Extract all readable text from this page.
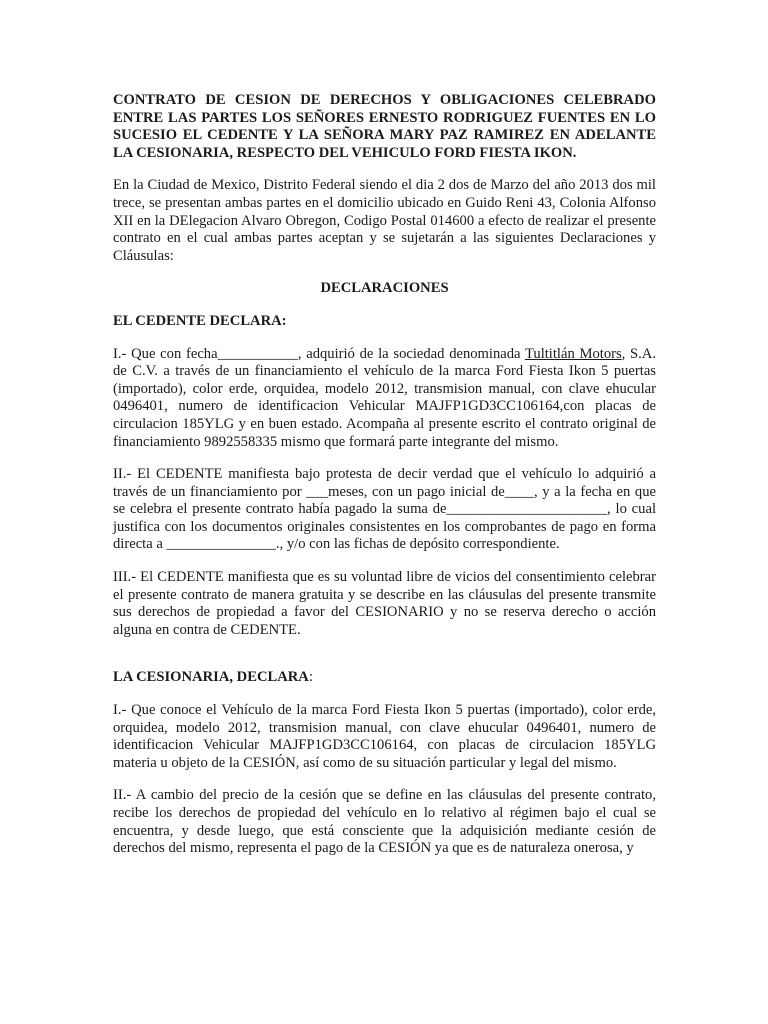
CONTRATO DE CESION DE DERECHOS Y OBLIGACIONES CELEBRADO ENTRE LAS PARTES LOS SEÑORES ERNESTO RODRIGUEZ FUENTES EN LO SUCESIO EL CEDENTE Y LA SEÑORA MARY PAZ RAMIREZ EN ADELANTE LA CESIONARIA, RESPECTO DEL VEHICULO FORD FIESTA IKON.

En la Ciudad de Mexico, Distrito Federal siendo el dia 2 dos de Marzo del año 2013 dos mil trece, se presentan ambas partes en el domicilio ubicado en Guido Reni 43, Colonia Alfonso XII en la DElegacion Alvaro Obregon, Codigo Postal 014600 a efecto de realizar el presente contrato en el cual ambas partes aceptan y se sujetarán a las siguientes Declaraciones y Cláusulas:

DECLARACIONES

EL CEDENTE DECLARA:

I.- Que con fecha___________, adquirió de la sociedad denominada Tultitlán Motors, S.A. de C.V. a través de un financiamiento el vehículo de la marca Ford Fiesta Ikon 5 puertas (importado), color erde, orquidea, modelo 2012, transmision manual, con clave ehucular 0496401, numero de identificacion Vehicular MAJFP1GD3CC106164,con placas de circulacion 185YLG y en buen estado. Acompaña al presente escrito el contrato original de financiamiento 9892558335 mismo que formará parte integrante del mismo.

II.- El CEDENTE manifiesta bajo protesta de decir verdad que el vehículo lo adquirió a través de un financiamiento por ___meses, con un pago inicial de____, y a la fecha en que se celebra el presente contrato había pagado la suma de______________________, lo cual justifica con los documentos originales consistentes en los comprobantes de pago en forma directa a _______________., y/o con las fichas de depósito correspondiente.

III.- El CEDENTE manifiesta que es su voluntad libre de vicios del consentimiento celebrar el presente contrato de manera gratuita y se describe en las cláusulas del presente transmite sus derechos de propiedad a favor del CESIONARIO y no se reserva derecho o acción alguna en contra de CEDENTE.

LA CESIONARIA, DECLARA:

I.- Que conoce el Vehículo de la marca Ford Fiesta Ikon 5 puertas (importado), color erde, orquidea, modelo 2012, transmision manual, con clave ehucular 0496401, numero de identificacion Vehicular MAJFP1GD3CC106164, con placas de circulacion 185YLG materia u objeto de la CESIÓN, así como de su situación particular y legal del mismo.

II.- A cambio del precio de la cesión que se define en las cláusulas del presente contrato, recibe los derechos de propiedad del vehículo en lo relativo al régimen bajo el cual se encuentra, y desde luego, que está consciente que la adquisición mediante cesión de derechos del mismo, representa el pago de la CESIÓN ya que es de naturaleza onerosa, y
